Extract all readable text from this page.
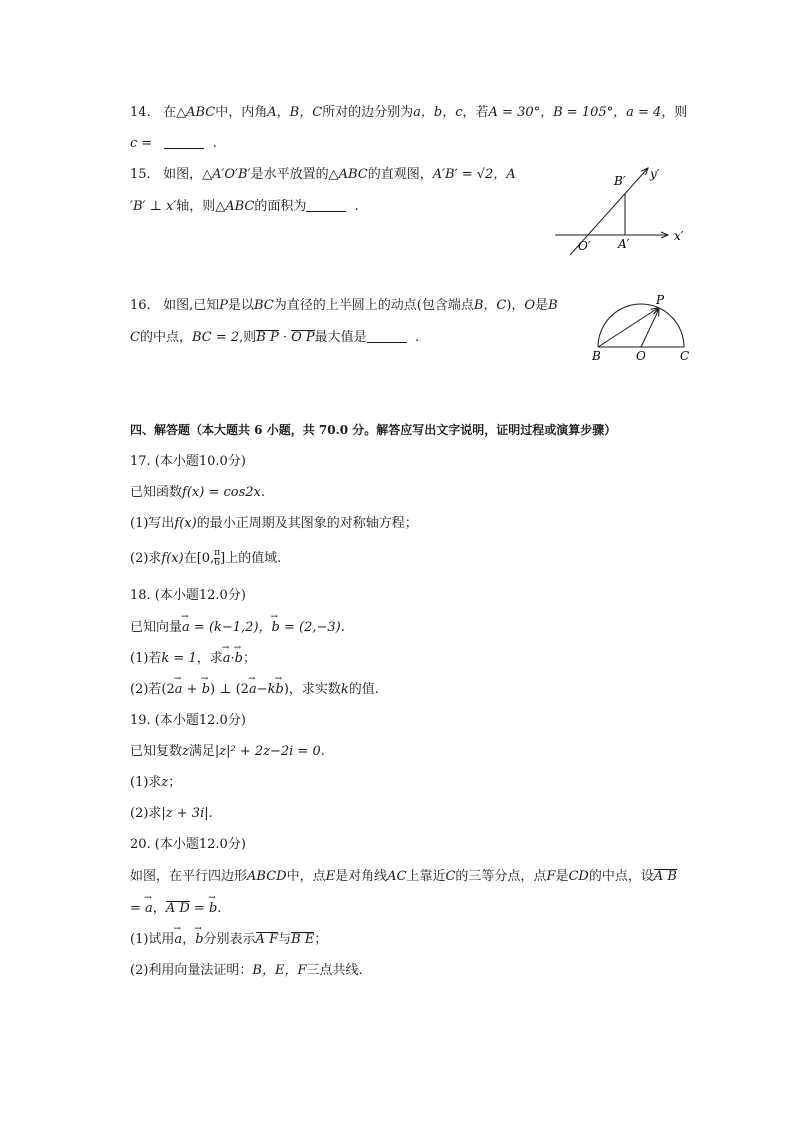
14. 在△ABC中，内角A，B，C所对的边分别为a，b，c，若A = 30°，B = 105°，a = 4，则
c =	.
15. 如图，△A′O′B′是水平放置的△ABC的直观图，A′B′ = √2，A
′B′ ⊥ x′轴，则△ABC的面积为	.
B′ y′
O′ A′
x′
16. 如图,已知P是以BC为直径的上半圆上的动点(包含端点B，C)，O是B
C的中点，BC = 2,则B P · O P最大值是	.
P
B	O	C
四、解答题（本大题共 6 小题，共 70.0 分。解答应写出文字说明，证明过程或演算步骤）
17. (本小题10.0分)
已知函数f(x) = cos2x.
(1)写出f(x)的最小正周期及其图象的对称轴方程；
(2)求f(x)在[0, $\frac{\pi}{6}$ ]上的值域.
18. (本小题12.0分)
已知向量→ a = (k−1,2)，→ b = (2,−3).
(1)若k = 1，求→ a·→ b；
(2)若(2→ a + → b) ⊥ (2→ a−k→ b)，求实数k的值.
19. (本小题12.0分)
已知复数z满足|z|² + 2z−2i = 0.
(1)求z；
(2)求|z + 3i|.
20. (本小题12.0分)
如图，在平行四边形ABCD中，点E是对角线AC上靠近C的三等分点，点F是CD的中点，设A B
= → a，A D = → b.
(1)试用→ a，→ b分别表示A F与B E；
(2)利用向量法证明：B，E，F三点共线.
